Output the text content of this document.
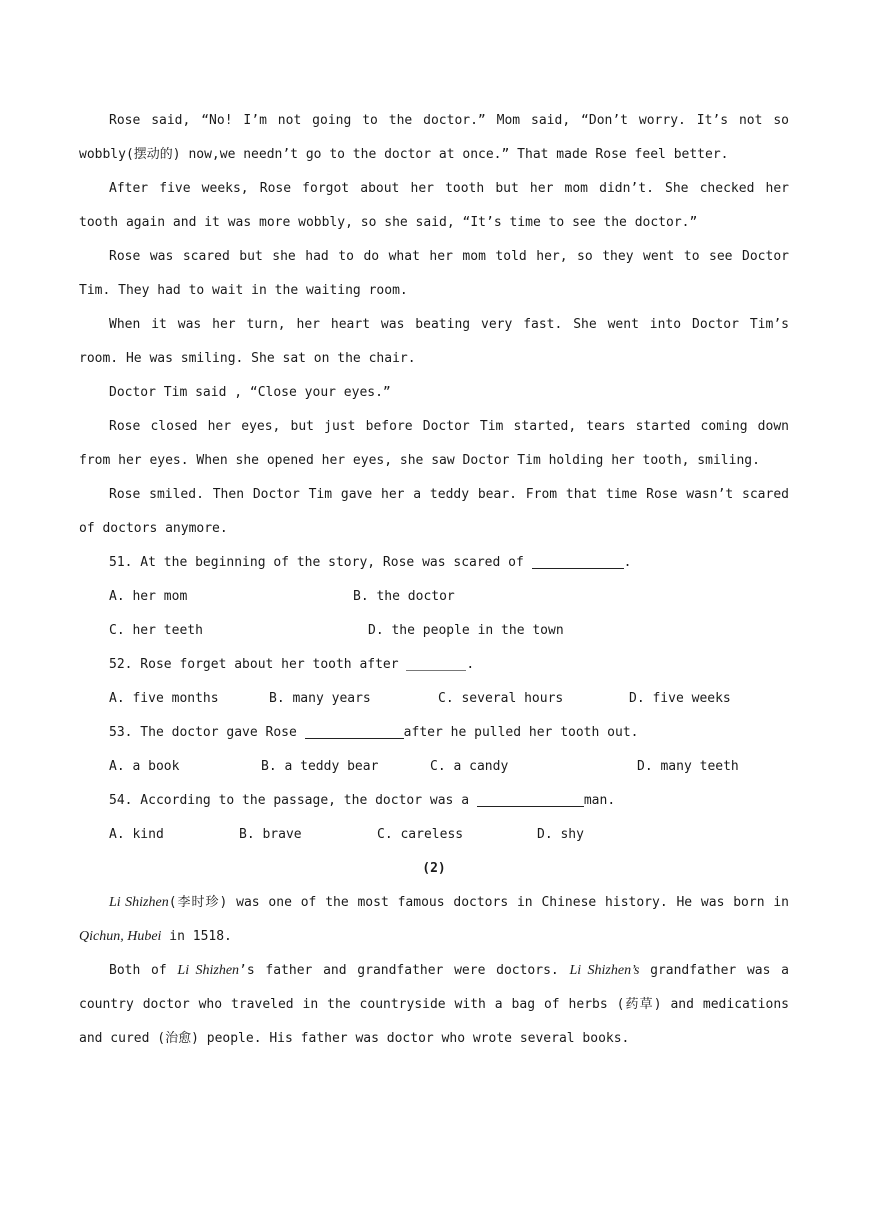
Rose said, “No! I’m not going to the doctor.” Mom said, “Don’t worry. It’s not so wobbly(摆动的) now,we needn’t go to the doctor at once.” That made Rose feel better.

After five weeks, Rose forgot about her tooth but her mom didn’t. She checked her tooth again and it was more wobbly, so she said, “It’s time to see the doctor.”

Rose was scared but she had to do what her mom told her, so they went to see Doctor Tim. They had to wait in the waiting room.

When it was her turn, her heart was beating very fast. She went into Doctor Tim’s room. He was smiling. She sat on the chair.

Doctor Tim said , “Close your eyes.”

Rose closed her eyes, but just before Doctor Tim started, tears started coming down from her eyes. When she opened her eyes, she saw Doctor Tim holding her tooth, smiling.

Rose smiled. Then Doctor Tim gave her a teddy bear. From that time Rose wasn’t scared of doctors anymore.

51. At the beginning of the story, Rose was scared of	.

A. her mom	B. the doctor
C. her teeth	D. the people in the town

52. Rose forget about her tooth after	.

A. five months	B. many years	C. several hours	D. five weeks

53. The doctor gave Rose	after he pulled her tooth out.

A. a book	B. a teddy bear	C. a candy	D. many teeth

54. According to the passage, the doctor was a	man.

A. kind	B. brave	C. careless	D. shy

(2)

Li Shizhen(李时珍) was one of the most famous doctors in Chinese history. He was born in Qichun, Hubei in 1518.

Both of Li Shizhen’s father and grandfather were doctors. Li Shizhen’s grandfather was a country doctor who traveled in the countryside with a bag of herbs (药草) and medications and cured (治愈) people. His father was doctor who wrote several books.
